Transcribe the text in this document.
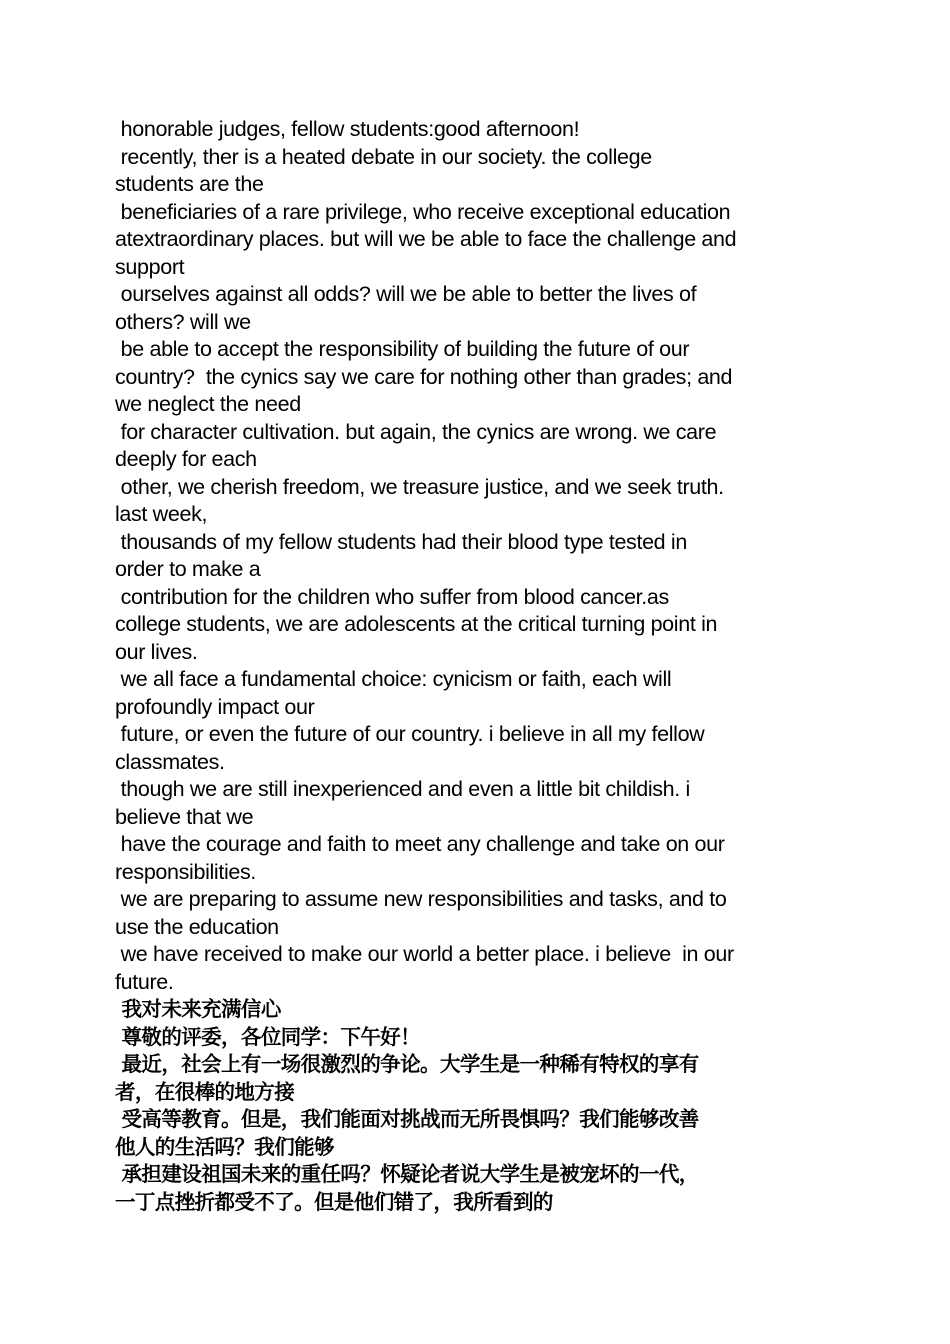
honorable judges, fellow students:good afternoon!
recently, ther is a heated debate in our society. the college
students are the
beneficiaries of a rare privilege, who receive exceptional education
atextraordinary places. but will we be able to face the challenge and
support
ourselves against all odds? will we be able to better the lives of
others? will we
be able to accept the responsibility of building the future of our
country?  the cynics say we care for nothing other than grades; and
we neglect the need
for character cultivation. but again, the cynics are wrong. we care
deeply for each
other, we cherish freedom, we treasure justice, and we seek truth.
last week,
thousands of my fellow students had their blood type tested in
order to make a
contribution for the children who suffer from blood cancer.as
college students, we are adolescents at the critical turning point in
our lives.
we all face a fundamental choice: cynicism or faith, each will
profoundly impact our
future, or even the future of our country. i believe in all my fellow
classmates.
though we are still inexperienced and even a little bit childish. i
believe that we
have the courage and faith to meet any challenge and take on our
responsibilities.
we are preparing to assume new responsibilities and tasks, and to
use the education
we have received to make our world a better place. i believe  in our
future.
我对未来充满信心
尊敬的评委，各位同学：下午好！
最近，社会上有一场很激烈的争论。大学生是一种稀有特权的享有
者，在很棒的地方接
受高等教育。但是，我们能面对挑战而无所畏惧吗？我们能够改善
他人的生活吗？我们能够
承担建设祖国未来的重任吗？怀疑论者说大学生是被宠坏的一代，
一丁点挫折都受不了。但是他们错了，我所看到的
